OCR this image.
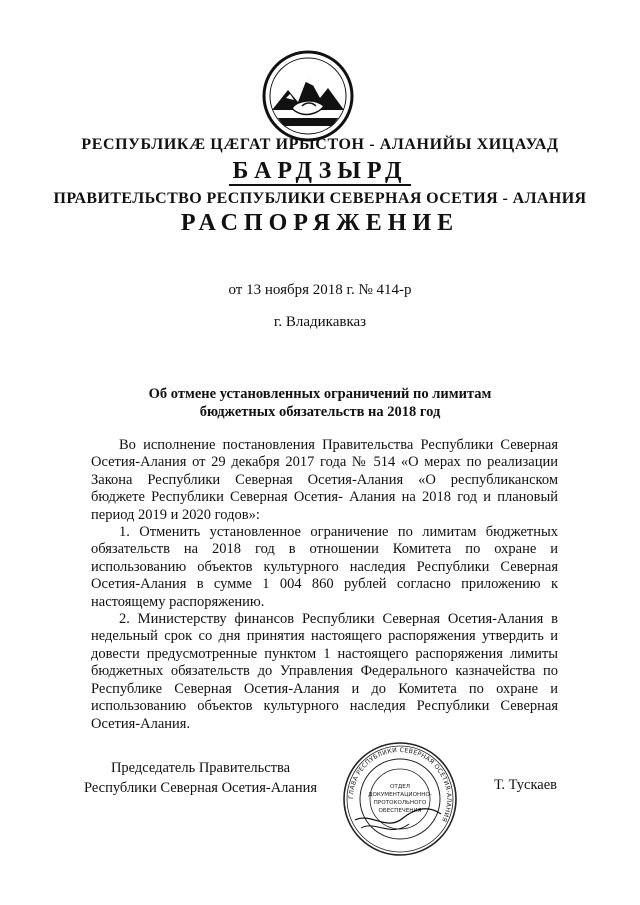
РЕСПУБЛИКӔ ЦӔГАТ ИРЫСТОН - АЛАНИЙЫ ХИЦАУАД
БАРДЗЫРД
ПРАВИТЕЛЬСТВО РЕСПУБЛИКИ СЕВЕРНАЯ ОСЕТИЯ - АЛАНИЯ
РАСПОРЯЖЕНИЕ
от 13 ноября 2018 г. № 414-р
г. Владикавказ
Об отмене установленных ограничений по лимитам
бюджетных обязательств на 2018 год

Во исполнение постановления Правительства Республики Северная Осетия-Алания от 29 декабря 2017 года № 514 «О мерах по реализации Закона Республики Северная Осетия-Алания «О республиканском бюджете Республики Северная Осетия- Алания на 2018 год и плановый период 2019 и 2020 годов»:

1. Отменить установленное ограничение по лимитам бюджетных обязательств на 2018 год в отношении Комитета по охране и использованию объектов культурного наследия Республики Северная Осетия-Алания в сумме 1 004 860 рублей согласно приложению к настоящему распоряжению.

2. Министерству финансов Республики Северная Осетия-Алания в недельный срок со дня принятия настоящего распоряжения утвердить и довести предусмотренные пунктом 1 настоящего распоряжения лимиты бюджетных обязательств до Управления Федерального казначейства по Республике Северная Осетия-Алания и до Комитета по охране и использованию объектов культурного наследия Республики Северная Осетия-Алания.

Председатель Правительства
Республики Северная Осетия-Алания
ГЛАВА РЕСПУБЛИКИ СЕВЕРНАЯ ОСЕТИЯ-АЛАНИЯ
ОТДЕЛ
ДОКУМЕНТАЦИОННО-
ПРОТОКОЛЬНОГО
ОБЕСПЕЧЕНИЯ
Т. Тускаев
